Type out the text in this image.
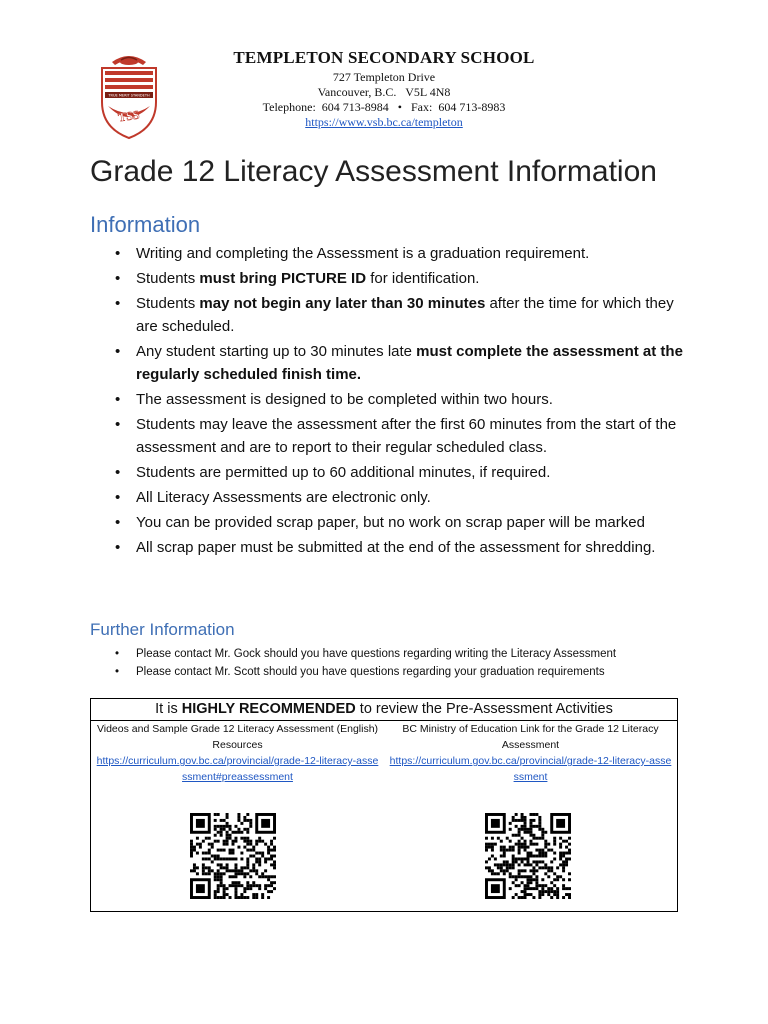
TRUE MERIT STANDETH
TSS
TEMPLETON SECONDARY SCHOOL
727 Templeton Drive
Vancouver, B.C.   V5L 4N8
Telephone:  604 713-8984   •   Fax:  604 713-8983
https://www.vsb.bc.ca/templeton
Grade 12 Literacy Assessment Information
Information
• Writing and completing the Assessment is a graduation requirement.
• Students must bring PICTURE ID for identification.
• Students may not begin any later than 30 minutes after the time for which they are scheduled.
• Any student starting up to 30 minutes late must complete the assessment at the regularly scheduled finish time.
• The assessment is designed to be completed within two hours.
• Students may leave the assessment after the first 60 minutes from the start of the assessment and are to report to their regular scheduled class.
• Students are permitted up to 60 additional minutes, if required.
• All Literacy Assessments are electronic only.
• You can be provided scrap paper, but no work on scrap paper will be marked
• All scrap paper must be submitted at the end of the assessment for shredding.
Further Information
• Please contact Mr. Gock should you have questions regarding writing the Literacy Assessment
• Please contact Mr. Scott should you have questions regarding your graduation requirements
It is HIGHLY RECOMMENDED to review the Pre-Assessment Activities
Videos and Sample Grade 12 Literacy Assessment (English) Resources
https://curriculum.gov.bc.ca/provincial/grade-12-literacy-assessment#preassessment
BC Ministry of Education Link for the Grade 12 Literacy Assessment
https://curriculum.gov.bc.ca/provincial/grade-12-literacy-assessment
